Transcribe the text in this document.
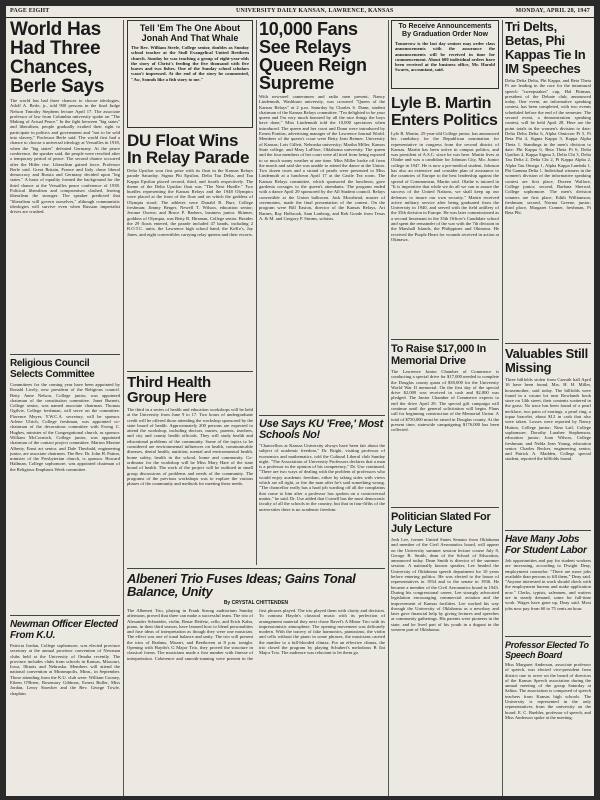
PAGE EIGHT	UNIVERSITY DAILY KANSAN, LAWRENCE, KANSAS	MONDAY, APRIL 28, 1947
World Has Had Three Chances, Berle Says
The world has had three chances to choose ideologies, Adolf A. Berle, jr., told 900 persons in the final Judge Nelson Timothy Stephens lecture April 17. The associate professor of law from Columbia university spoke on "The Making of Actual Peace." In the fight between "big states" and liberalism, people gradually exalted their right to participate in politics and government and "not to be sold into slavery," Professor Berle said. The world first had a chance to choose a universal ideology at Versailles in 1918, when the "big states" defeated Germany. At the peace conference, the speaker said, the people were revolted after a temporary period of peace. The second chance occurred after the Hitler rise. Liberalism gained force, Professor Berle said. Great Britain, France and Italy chose liberal democracy and Russia and Germany decided upon "big states." A basis of equality formed the background for the third chance at the Versailles peace conference of 1938. Political liberalism and compromises clashed, leaving liberalism the stronger. The speaker predicted that "liberalism will govern ourselves," although communistic ideologies will survive even when Russian imperialist drives are crushed.
Religious Council Selects Committee
Committees for the coming year have been appointed by Ronald Lively, new president of the Religious council. Betty Anne Nelson, College junior, was appointed chairman of the constitution committee. Janet Burnett, College senior, was named associate chairman. Thomas Ogilvie, College freshman, will serve on the committee. Florence Meyer, Y.W.C.A. secretary, will be sponsor. Arlene Ulrich, College freshman, was appointed co-chairman of the decorations committee with Ewing C. Hughes, minister of the Congregational church, as sponsor. William McCormick, College junior, was appointed chairman of the contact project committee. Marion Maxine Alberty, Ernst art senior, and Dale Theobald, engineering junior, are associate chairmen. The Rev. Dr. John H. Patton, minister of the Presbyterian church, is sponsor. Howard Hallman, College sophomore, was appointed chairman of the Religious Emphasis Week committee.
Newman Officer Elected From K.U.
Patricia Jordan, College sophomore, was elected province secretary at the annual province convention of Newman clubs held at the University of Omaha recently. The province includes clubs from schools in Kansas, Missouri, Iowa, Illinois and Nebraska. Members will attend the national convention at Minneapolis, Minn., in September. Those attending from the K.U. club were: William Cooney, Eileen O'Brien, Rosemary Gibbons, Ernest Buller, Miss Jordan, Leroy Stoecker and the Rev. George Towle, chaplain.
Tell 'Em The One About Jonah And That Whale
The Rev. William Steele, College senior, doubles as Sunday school teacher at the Stull Evangelical United Brethren church. Sunday he was teaching a group of eight-year-olds the story of Christ's feeding the five thousand with five loaves and two fishes. One of the Sunday school scholars wasn't impressed. At the end of the story he commented, "Aw, Sounds like a fish story to me."
DU Float Wins In Relay Parade
Delta Upsilon won first prize with its float in the Kansas Relays parade Saturday. Sigma Phi Epsilon, Delta Tau Delta, and Tau Kappa Epsilon placed second, third, and fourth respectively. The theme of the Delta Upsilon float was "The Next Hurdle." Two hurdles representing the Kansas Relays and the 1948 Olympics were placed at the front of the float and on which the goddess of Olympia stood. The athletes were Donald R. Burr, College freshman; Jimmy Berger, Newell T. Wilson, education senior; Jerome Owens; and Bruce P. Barbers, business junior. Skinner, goddess of Olympia, was Betty R. Hirsman, College senior. Besides the 29 floats entered, the parade included 47 bands, including 2 R.O.T.C. units, the Lawrence high school band, the KoKo's, Jay Janes, and eight convertibles carrying relay queens and their escorts.
Third Health Group Here
The third in a series of health and education workshops will be held at the University from June 9 to 17. Two hours of undergraduate credit will be offered those attending the workshop sponsored by the state board of health. Approximately 200 persons are expected to attend the workshop, including doctors, nurses, parents, teachers, and city and county health officials. They will study health and educational problems of the community. Some of the topics to be considered are environmental influences on health, communicable diseases, dental health, nutrition, mental and environmental health, home safety, health in the school, home and community. Co-ordinator for the workshop will be Miss Mary Hare of the state board of health. The work of the project will be outlined in small group discussions of problems and needs of the community. The programs of the previous workshops was to explore the various phases of the community and methods for meeting these needs.
10,000 Fans See Relays Queen Reign Supreme
With newsreel cameramen and radio men present, Nancy Lindemuth, Washburn university, was crowned "Queen of the Kansas Relays" at 2 p.m. Saturday by Charles S. Dunn, student chairman of the Kansas Relays committee. "I'm delighted to be your queen and I'm very much honored by all the nice things the boys have done," Miss Lindemuth told the 10,000 spectators when introduced. The queen and her court and Dunn were introduced by Ernest Pontius, advertising manager of the Lawrence Journal World. Members of the queen's court were Betty Jean Reimer, University of Kansas; Lois Gillett, Nebraska university; Martha Miller, Kansas State college, and Mary LaFlore, Oklahoma university. The queen and the four members of her court were all tired from being exposed to so much sunny weather at one time. Miss Miller broke off from the march and said she was unable to attend the dance at the Union. Two dozen roses and a strand of pearls were presented to Miss Lindemuth at a luncheon April 17 at the Castle Tea room. The Kansas Relays committee, which sponsored the luncheon, gave gardenia corsages to the queen's attendants. The program ended with a dance April 29 sponsored by the All Student council. Relays convertible at the Union ballroom. Jack Moorhead, master of ceremonies, made the final presentation of the contest. On the program were Bill Easton, director of the Kansas Relays, Art Barnes, Ray Holbrook, Sam Lonborg, and Bob Goode from Texas A. & M. and Gregory P. Simms, soloists.
Use Says KU 'Free,' Most Schools No!
"Chancellors at Kansas University always have been fair about the subject of academic freedom," Dr. Bright, visiting professor of economics and mathematics, told the Cultural Liberal club Sunday night. "The Association of University Professors declares that a man is a professor in the opinion of his competency," Dr. Use continued. "There are two ways of dealing with the problem of professors who would enjoy academic freedom, either by taking sides with views which are all right, or fire the man after he's said something wrong. "The chancellor really has a hard job warding off all the complaints that come to him after a professor has spoken on a controversial matter," he said. Dr. Use added that Cornell has the most democratic faculty of all the schools in the country, but that in four-fifths of the universities there is no academic freedom.
Albeneri Trio Fuses Ideas; Gains Tonal Balance, Unity
By CRYSTAL CHITTENDEN
The Albeneri Trio, playing in Frank Strong auditorium Sunday afternoon, proved that three can make a successful team. The trio of Alexander Schneider, violin, Benar Heifetz, cello, and Erich Kahn, piano, in their third season, have learned how to blend personalities and fuse ideas of interpretation as though they were one musician. The effect was one of tonal balance and unity. The trio will present the trios of Brahms, Mozart, and Beethoven at 8 p.m. tonight. Opening with Haydn's G Major Trio, they proved the structure in classical forms. The musicians made a first number with finesse of interpretation. Coherence and smooth-running were present in the first phrases played. The trio played them with clarity and decision. To contrast Haydn's classical music with its perfection of arrangement material they next chose Ravel's A Minor Trio with its impressionistic atmosphere. The opening movement was delicately modern. With the tracery of fake harmonics, pianissimo, the violin and cello without the piano in some phrases, the musicians carried the number to a full-blooded climax. For an effective climax, the trio closed the program by playing Schubert's melodious B flat Major Trio. The audience was reluctant to let them go.
To Receive Announcements By Graduation Order Now
Tomorrow is the last day seniors may order class announcements with the assurance the announcements will be received in time for commencement. About 600 individual orders have been received at the business office, Mr. Harold Swarts, accountant, said.
Lyle B. Martin Enters Politics
Lyle B. Martin, 25-year-old College junior, has announced his candidacy for the Republican nomination for representative in congress from the second district of Kansas. Martin has been active in campus politics, and was president of A.S.C. since he was here. Martin lives at Olathe and was a candidate for Johnson City, Mo. Junior college in 1947. He is now a pre-medical student. Johnson has also an extensive and consider plan of assistance to the countries of Europe to the best leadership against the spread of Communism, Martin said. Olathe is tutored in "It is imperative that while we do all we can to assure the success of the United Nations, we shall keep up our defenses to insure our own security." Martin received active military service after being graduated from the University in 1940, and served with the field artillery of the 35th division in Europe. He was later commissioned as a second lieutenant in the 35th Officer's Candidate school and spent the remainder of the war with the 7th division in the Marshall Islands, the Philippines and Okinawa. He received the Purple Heart for wounds received in action at Okinawa.
To Raise $17,000 In Memorial Drive
The Lawrence Junior Chamber of Commerce is conducting a special drive for $17,000 needed to complete the Douglas county quota of $30,000 for the University World War II memorial. On the first day of the special drive $2,000 was received in cash and $2,000 was pledged. The Junior Chamber of Commerce expects to end the drive April 29. The special gift campaign will continue until the general solicitation will begin. Plans call for beginning construction of the Memorial Union. A total of $750,000 must be raised in Douglas county. At the present time, statewide campaigning $176,000 has been collected.
Politician Slated For July Lecture
Josh Lee, former United States Senator from Oklahoma and member of the Civil Aeronautics board, will appear on the University summer session lecture course July 8, George B. Smith, dean of the School of Education, announced today. Dean Smith is director of the summer session. A nationally known speaker, Lee headed the University of Oklahoma speech department for 10 years before entering politics. He was elected to the house of representatives in 1934 and to the senate in 1936. He became a member of the Civil Aeronautics board in 1943. During his congressional career, Lee strongly advocated legislation encouraging commercial aviation and the improvement of Kansas facilities. Lee worked his way through the University of Oklahoma as a newsboy and later gave financial help by giving lectures and speeches at community gatherings. His parents were pioneers in the state, and he lived part of his youth in a dugout in the western part of Oklahoma.
Tri Delts, Betas, Phi Kappas Tie In IM Speeches
Delta Delta Delta, Phi Kappa, and Beta Theta Pi are leading in the race for the intramural speech "sweepstakes" cup, Hal Pittman, president of the Debate club, announced today. One event, an informative speaking contest, has been completed, with two events scheduled before the end of the semester. The second event, a demonstration speaking contest, will be held April 28. Here are the point totals in the women's division to date: Delta Delta Delta 6, Alpha Omicron Pi 5, Pi Beta Phi 4, Sigma Kappa 3, Kappa Alpha Theta 1. Standings in the men's division to date: Phi Kappa 6, Beta Theta Pi 6, Delta Upsilon 4, Kappa Sigma 3, Delta Chi 3, Delta Tau Delta 2, Delta Chi 2, Pi Kappa Alpha 2, Alpha Tau Omega 1, Alpha Kappa Lambda 1, Phi Gamma Delta 1. Individual winners in the women's division of the informative speaking contest are first place, Doreen Wallace, College junior; second, Barbara Sherrod, College sophomore. The men's division winners are first place, Edith Williamson, freshman; second, Norma Greene, junior; third place, Margaret Cramer, freshman, Pi Beta Phi.
Valuables Still Missing
Three billfolds stolen from Carruth hall April 16 have been found, Mrs. H. H. Miller, housemother, said today. The billfolds were found in a vacant lot near Rowlands book store on 14th street, their contents scattered in the grass. No trace has been found of a pearl necklace, two pairs of earrings, a pearl ring, a topaz bracelet, about $12 in cash that also were taken. Losses were reported by Nancy Hutton, College junior; Nina Lail, College sophomore; Dorothy Larabee Stephenson, education junior; Joan Wilson, College freshman; and Nelda Jean Young, education senior. Charles Becker, engineering senior, and Patrick A. Madden, College special student, reported the billfolds found.
Have Many Jobs For Student Labor
Job opportunities and pay for student workers are increasing, according to Dwight Deay, employment counselor. "There are more jobs available than persons to fill them," Deay said. "Anyone interested in work should check with the employment bureau and make application now." Clerks, typists, salesmen, and waiters are in steady demand, some for full-time work. Wages have gone up, Deay said. Most jobs now pay from 60 to 75 cents an hour.
Professor Elected To Speech Board
Miss Margaret Anderson, associate professor of speech, was elected vice-president from district one to serve on the board of directors of the Kansas Speech association during the annual meeting of the group Saturday at Salina. The association is composed of speech teachers from Kansas high schools. The University is represented in the only representatives from the university on the board. E. C. Buehler, professor of speech, and Miss Anderson spoke at the meeting.
